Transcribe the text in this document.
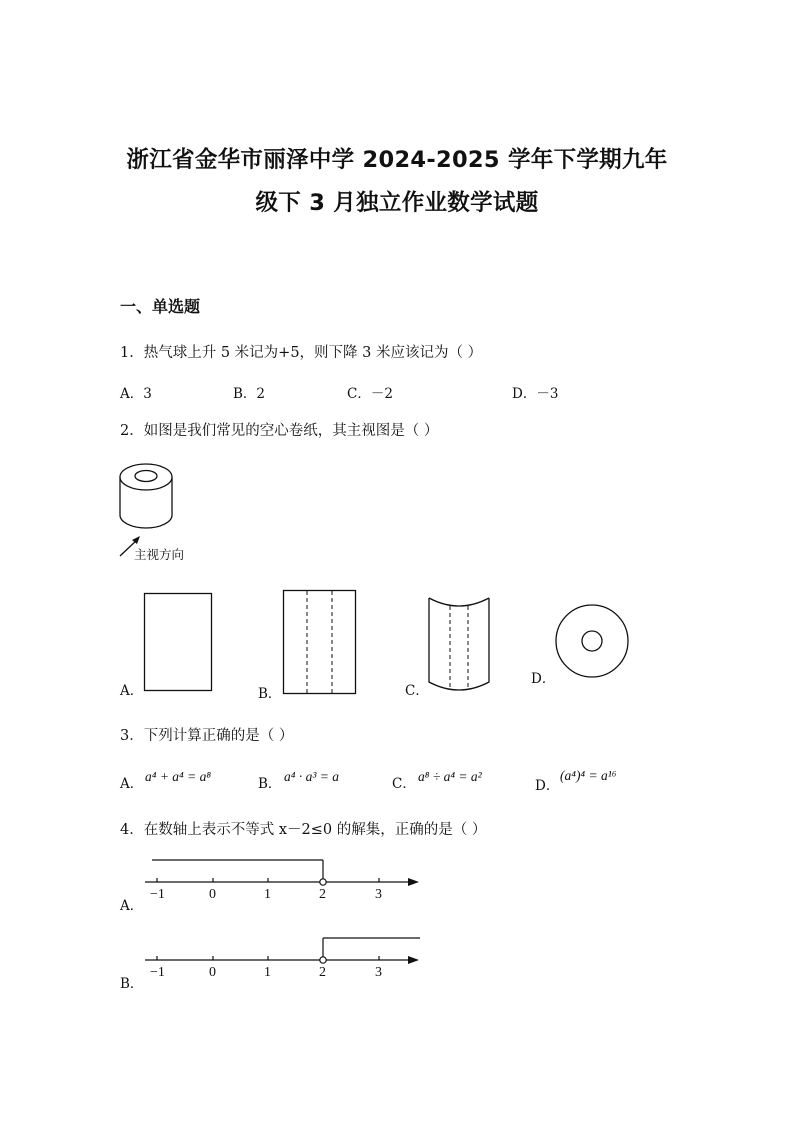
浙江省金华市丽泽中学 2024-2025 学年下学期九年
级下 3 月独立作业数学试题
一、单选题
1．热气球上升 5 米记为+5，则下降 3 米应该记为（ ）
A．3	B．2	C．－2	D．－3
2．如图是我们常见的空心卷纸，其主视图是（ ）
主视方向
A．	B．	C．
D．
3．下列计算正确的是（ ）
A． a⁴ + a⁴ = a⁸	B． a⁴ · a³ = a	C． a⁸ ÷ a⁴ = a²
D．
(a⁴)⁴ = a¹⁶
4．在数轴上表示不等式 x－2≤0 的解集，正确的是（ ）
−1	0	1	2	3
A．
−1	0	1	2	3
B．
